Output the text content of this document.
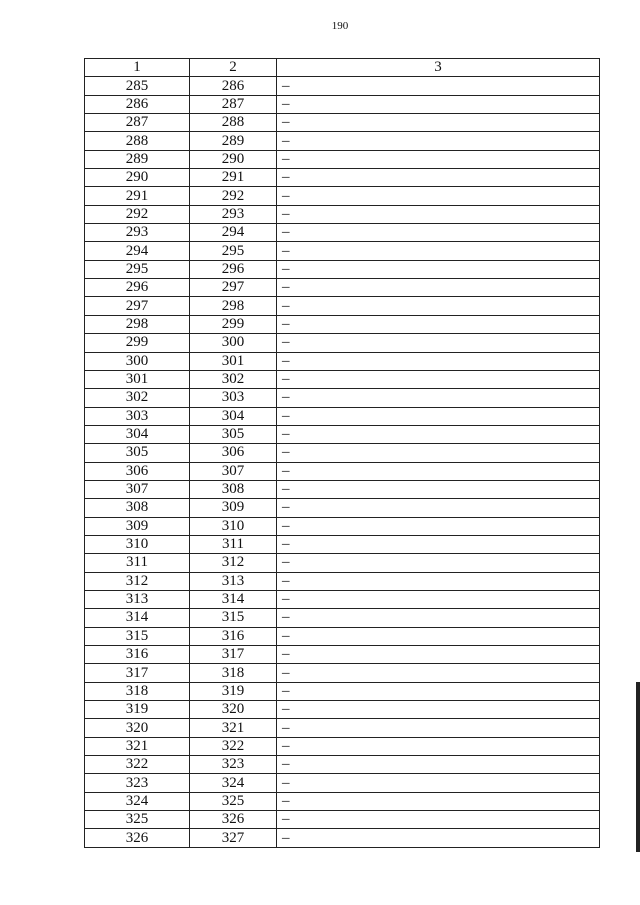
190
1	2	3
285	286	–
286	287	–
287	288	–
288	289	–
289	290	–
290	291	–
291	292	–
292	293	–
293	294	–
294	295	–
295	296	–
296	297	–
297	298	–
298	299	–
299	300	–
300	301	–
301	302	–
302	303	–
303	304	–
304	305	–
305	306	–
306	307	–
307	308	–
308	309	–
309	310	–
310	311	–
311	312	–
312	313	–
313	314	–
314	315	–
315	316	–
316	317	–
317	318	–
318	319	–
319	320	–
320	321	–
321	322	–
322	323	–
323	324	–
324	325	–
325	326	–
326	327	–
